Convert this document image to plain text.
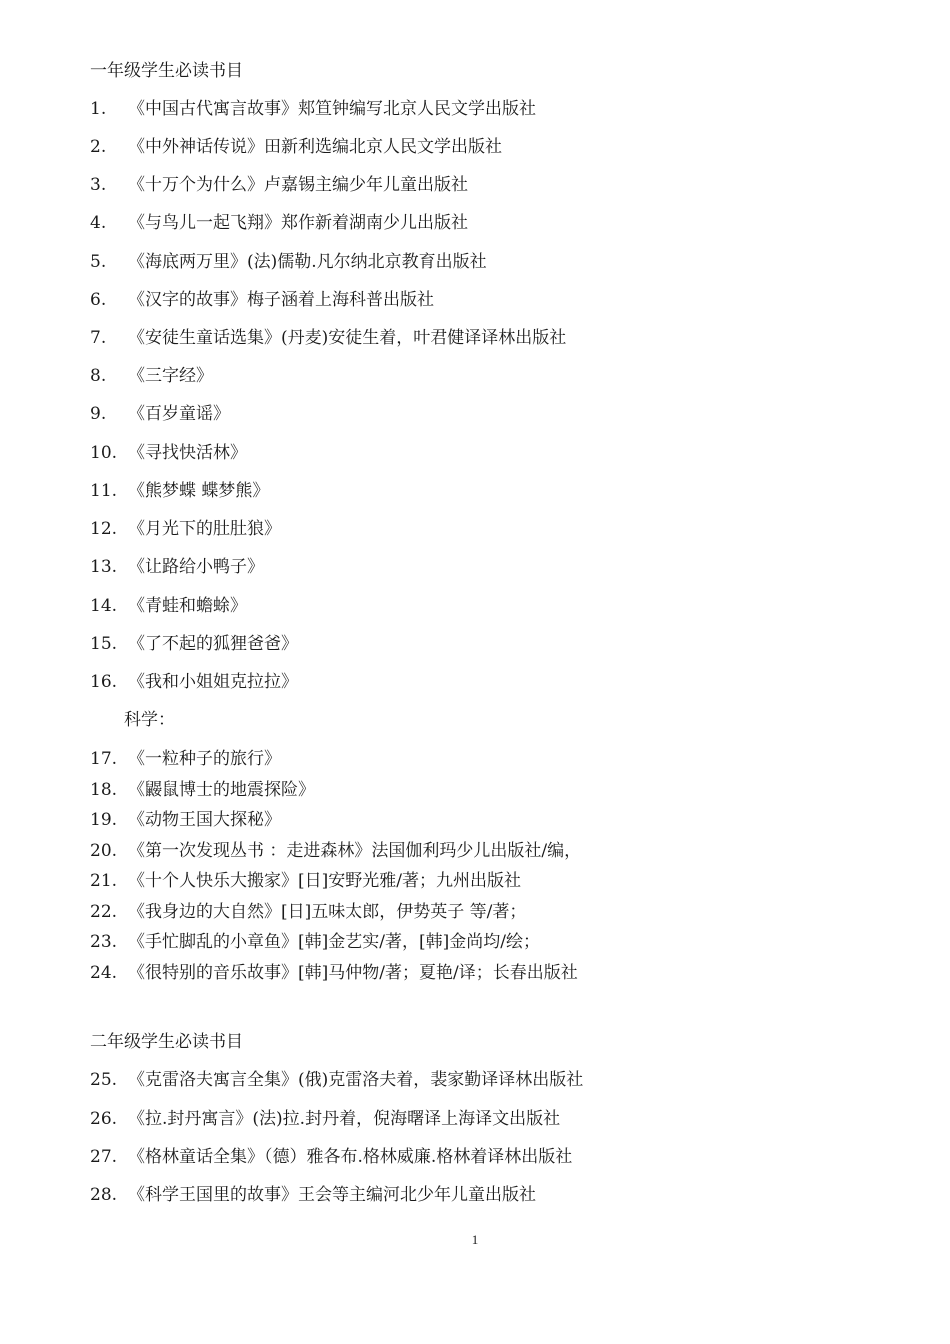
一年级学生必读书目
1. 《中国古代寓言故事》郏笪钟编写北京人民文学出版社
2. 《中外神话传说》田新利选编北京人民文学出版社
3. 《十万个为什么》卢嘉锡主编少年儿童出版社
4. 《与鸟儿一起飞翔》郑作新着湖南少儿出版社
5. 《海底两万里》(法)儒勒.凡尔纳北京教育出版社
6. 《汉字的故事》梅子涵着上海科普出版社
7. 《安徒生童话选集》(丹麦)安徒生着，叶君健译译林出版社
8. 《三字经》
9. 《百岁童谣》
10. 《寻找快活林》
11. 《熊梦蝶 蝶梦熊》
12. 《月光下的肚肚狼》
13. 《让路给小鸭子》
14. 《青蛙和蟾蜍》
15. 《了不起的狐狸爸爸》
16. 《我和小姐姐克拉拉》
科学：
17. 《一粒种子的旅行》
18. 《鼹鼠博士的地震探险》
19. 《动物王国大探秘》
20. 《第一次发现丛书 ：走进森林》法国伽利玛少儿出版社/编，
21. 《十个人快乐大搬家》[日]安野光雅/著；九州出版社
22. 《我身边的大自然》[日]五味太郎，伊势英子 等/著；
23. 《手忙脚乱的小章鱼》[韩]金艺实/著，[韩]金尚均/绘；
24. 《很特别的音乐故事》[韩]马仲物/著；夏艳/译；长春出版社
二年级学生必读书目
25. 《克雷洛夫寓言全集》(俄)克雷洛夫着，裴家勤译译林出版社
26. 《拉.封丹寓言》(法)拉.封丹着，倪海曙译上海译文出版社
27. 《格林童话全集》（德）雅各布.格林威廉.格林着译林出版社
28. 《科学王国里的故事》王会等主编河北少年儿童出版社
1
